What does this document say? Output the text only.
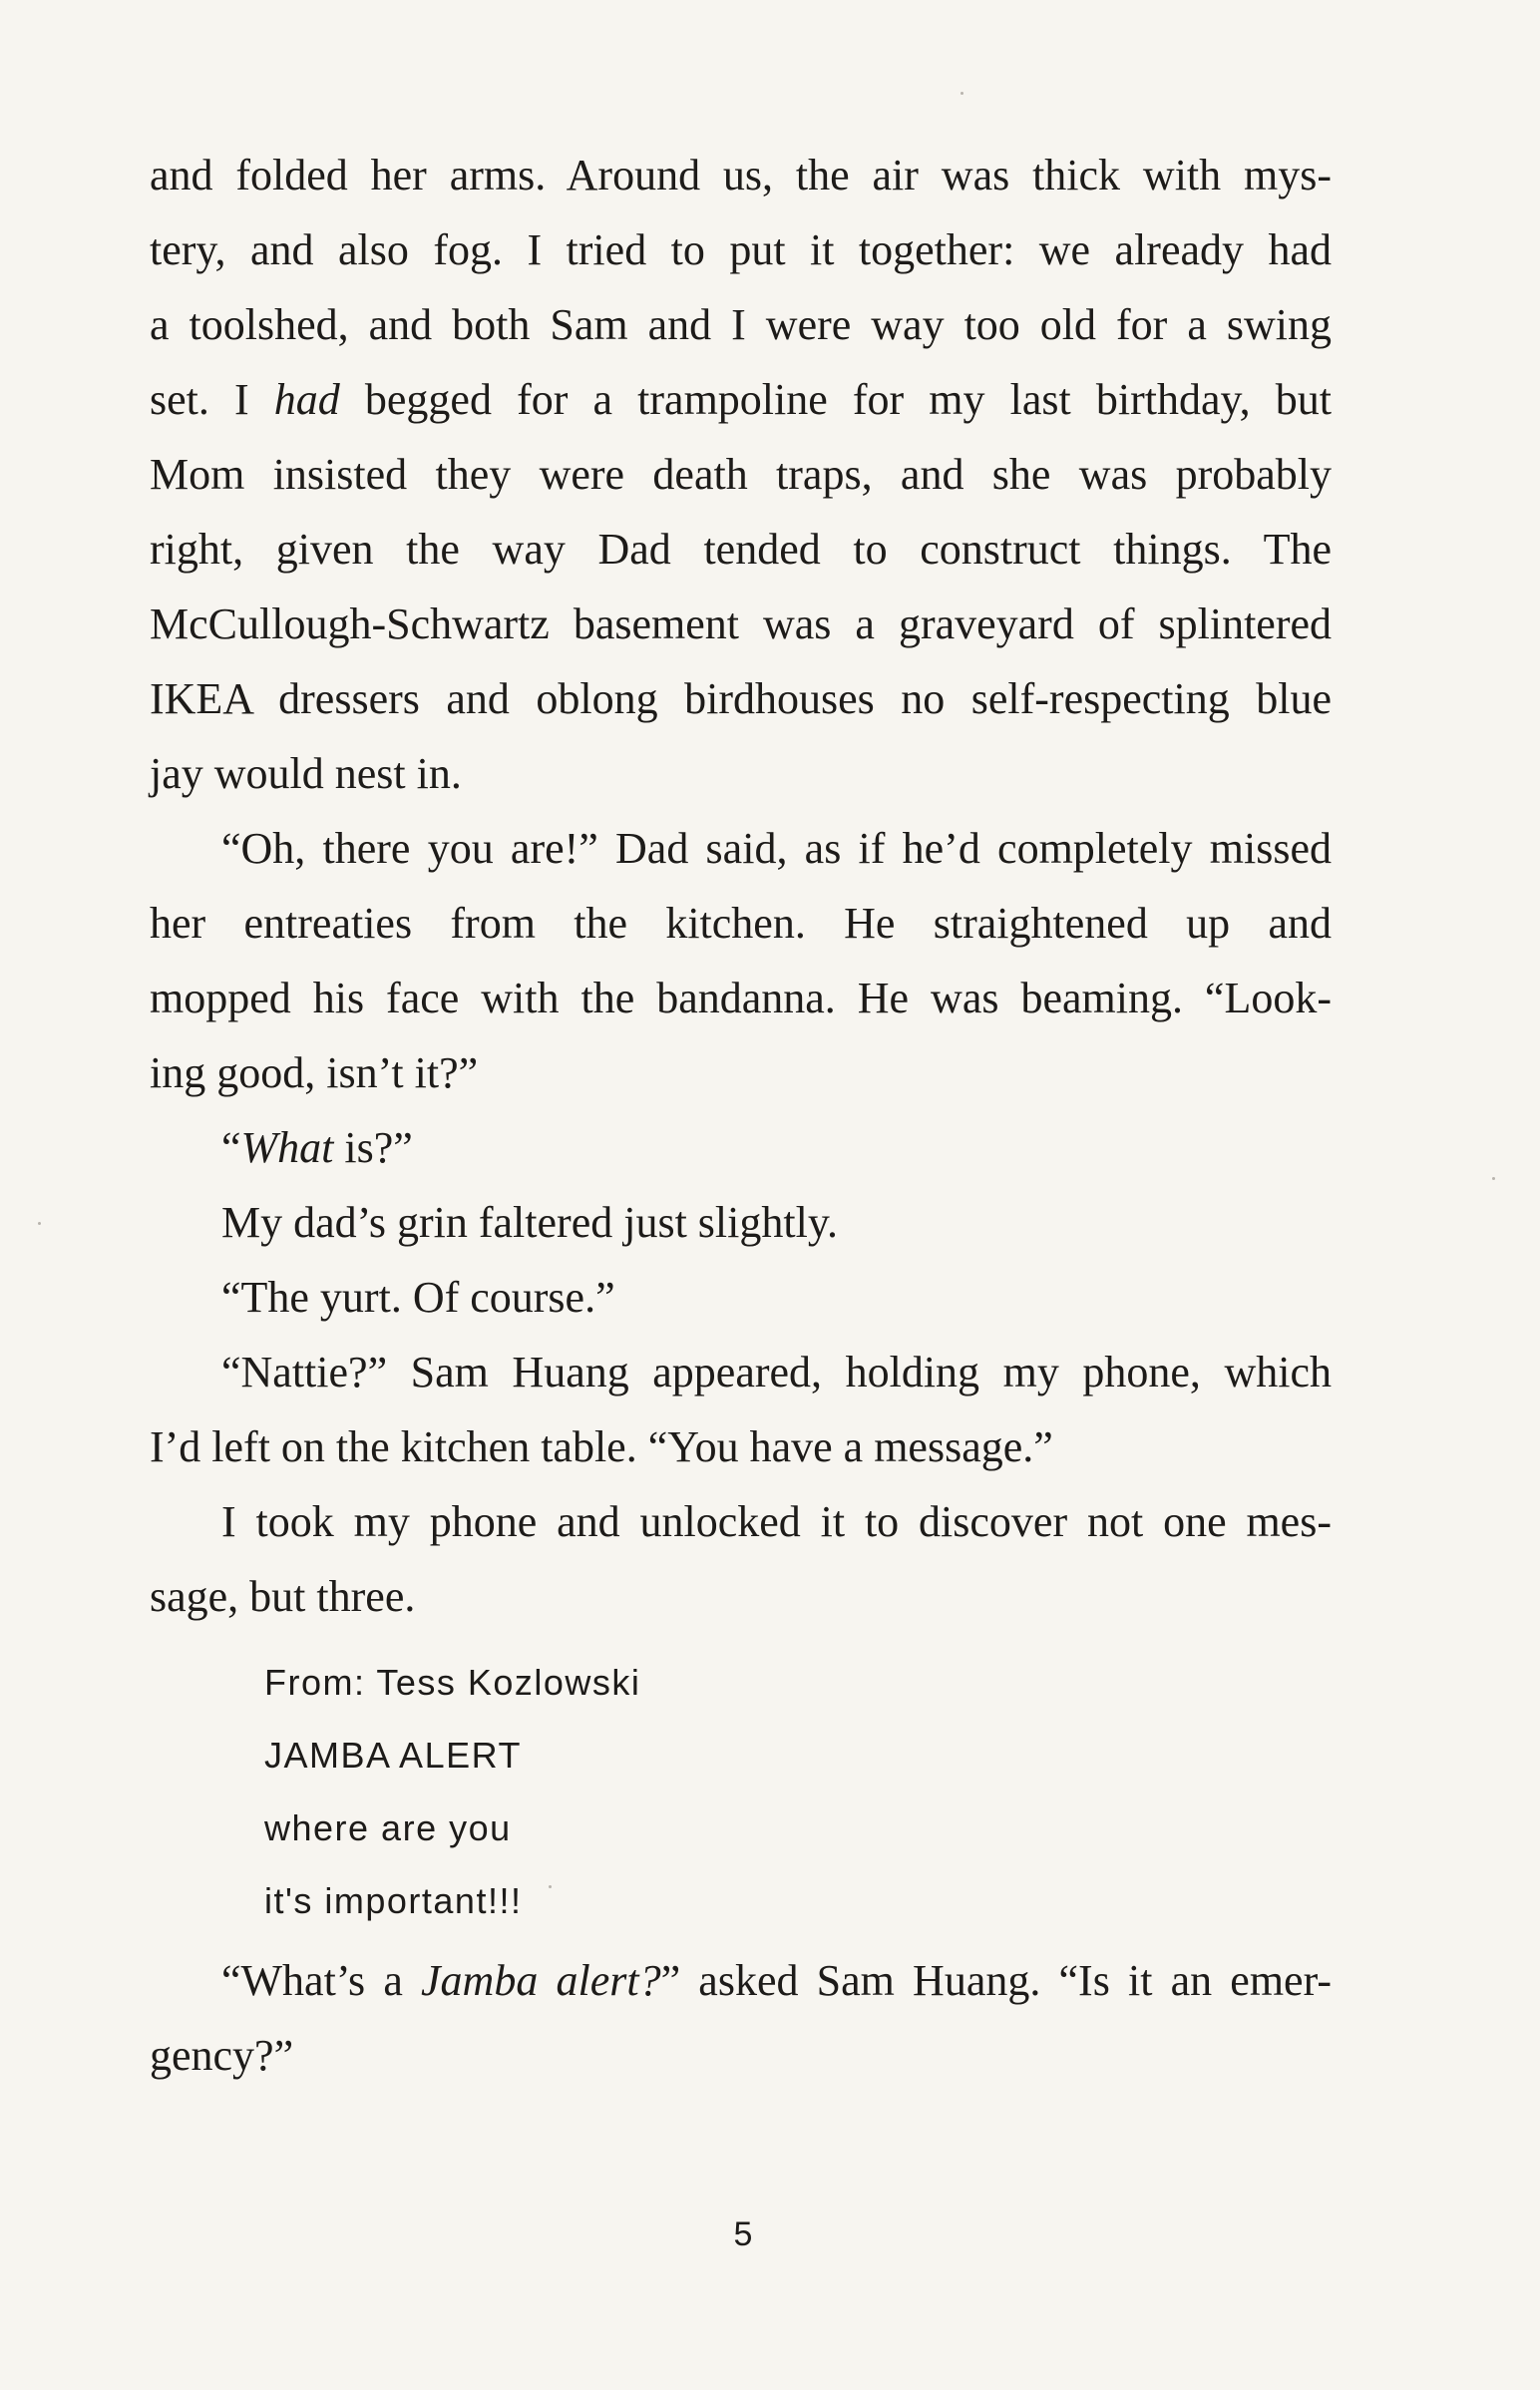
and folded her arms. Around us, the air was thick with mys-
tery, and also fog. I tried to put it together: we already had
a toolshed, and both Sam and I were way too old for a swing
set. I had begged for a trampoline for my last birthday, but
Mom insisted they were death traps, and she was probably
right, given the way Dad tended to construct things. The
McCullough-Schwartz basement was a graveyard of splintered
IKEA dressers and oblong birdhouses no self-respecting blue
jay would nest in.
“Oh, there you are!” Dad said, as if he’d completely missed
her entreaties from the kitchen. He straightened up and
mopped his face with the bandanna. He was beaming. “Look-
ing good, isn’t it?”
“What is?”
My dad’s grin faltered just slightly.
“The yurt. Of course.”
“Nattie?” Sam Huang appeared, holding my phone, which
I’d left on the kitchen table. “You have a message.”
I took my phone and unlocked it to discover not one mes-
sage, but three.
From: Tess Kozlowski
JAMBA ALERT
where are you
it's important!!!
“What’s a Jamba alert?” asked Sam Huang. “Is it an emer-
gency?”
5
